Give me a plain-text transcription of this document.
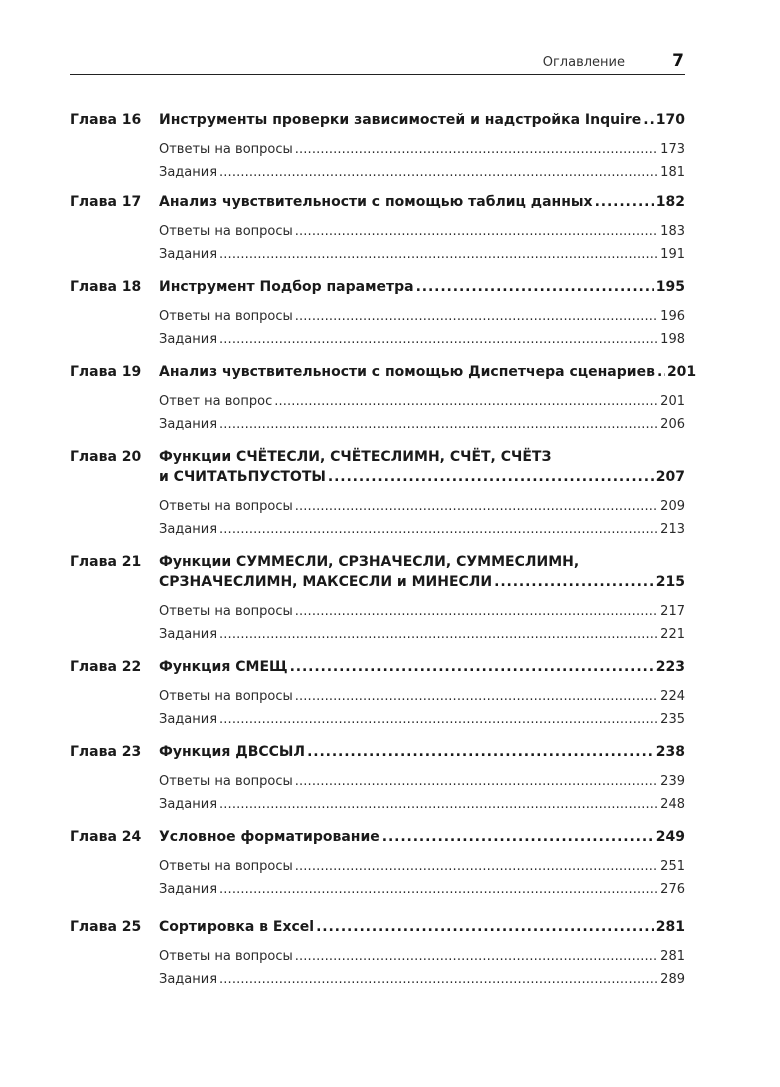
Оглавление	7
Глава 16 Инструменты проверки зависимостей и надстройка Inquire . . . 170
Ответы на вопросы . . .	173
Задания . . .	181
Глава 17 Анализ чувствительности с помощью таблиц данных . . .	182
Ответы на вопросы . . .	183
Задания . . .	191
Глава 18 Инструмент Подбор параметра . . .	195
Ответы на вопросы . . .	196
Задания . . .	198
Глава 19 Анализ чувствительности с помощью Диспетчера сценариев . . . 201
Ответ на вопрос . . .	201
Задания . . .	206
Глава 20 Функции СЧЁТЕСЛИ, СЧЁТЕСЛИМН, СЧЁТ, СЧЁТЗ
и СЧИТАТЬПУСТОТЫ . . .	207
Ответы на вопросы . . .	209
Задания . . .	213
Глава 21 Функции СУММЕСЛИ, СРЗНАЧЕСЛИ, СУММЕСЛИМН,
СРЗНАЧЕСЛИМН, МАКСЕСЛИ и МИНЕСЛИ . . .	215
Ответы на вопросы . . .	217
Задания . . .	221
Глава 22 Функция СМЕЩ . . .	223
Ответы на вопросы . . .	224
Задания . . .	235
Глава 23 Функция ДВССЫЛ . . .	238
Ответы на вопросы . . .	239
Задания . . .	248
Глава 24 Условное форматирование . . .	249
Ответы на вопросы . . .	251
Задания . . .	276
Глава 25 Сортировка в Excel . . .	281
Ответы на вопросы . . .	281
Задания . . .	289
